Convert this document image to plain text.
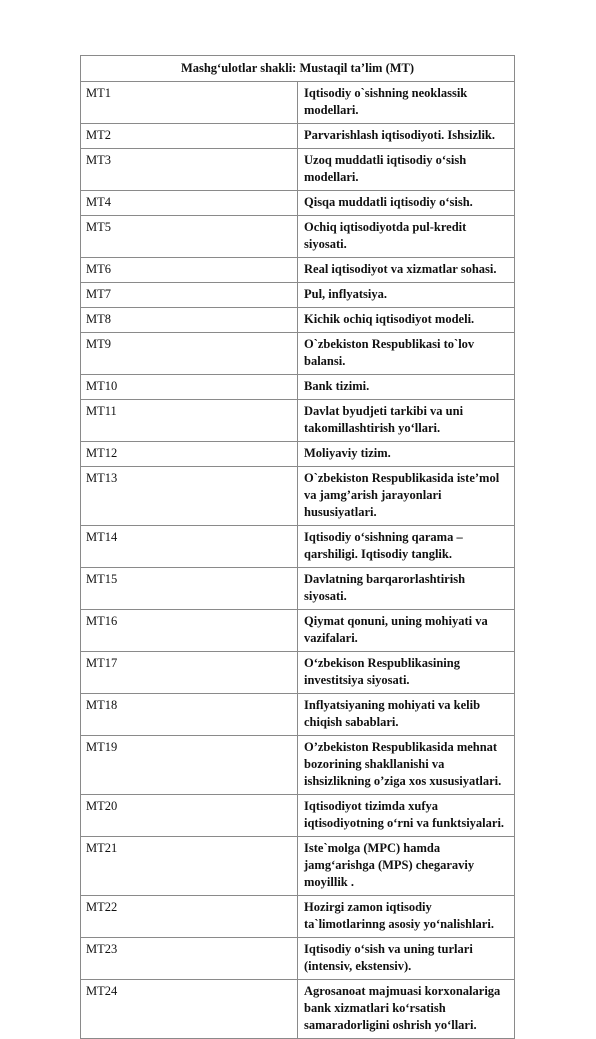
Mashg‘ulotlar shakli: Mustaqil ta’lim (MT)	
MT1	Iqtisodiy o`sishning neoklassik modellari.
MT2	Parvarishlash iqtisodiyoti. Ishsizlik.
MT3	Uzoq muddatli iqtisodiy o‘sish modellari.
MT4	Qisqa muddatli iqtisodiy o‘sish.
MT5	Ochiq iqtisodiyotda pul-kredit siyosati.
MT6	Real iqtisodiyot va xizmatlar sohasi.
MT7	Pul, inflyatsiya.
MT8	Kichik ochiq iqtisodiyot modeli.
MT9	O`zbekiston Respublikasi to`lov balansi.
MT10	Bank tizimi.
MT11	Davlat byudjeti tarkibi va uni takomillashtirish yo‘llari.
MT12	Moliyaviy tizim.
MT13	O`zbekiston Respublikasida iste’mol va jamg’arish jarayonlari hususiyatlari.
MT14	Iqtisodiy o‘sishning qarama – qarshiligi. Iqtisodiy tanglik.
MT15	Davlatning barqarorlashtirish siyosati.
MT16	Qiymat qonuni, uning mohiyati va vazifalari.
MT17	O‘zbekison Respublikasining investitsiya siyosati.
MT18	Inflyatsiyaning mohiyati va kelib chiqish sabablari.
MT19	O’zbekiston Respublikasida mehnat bozorining shakllanishi va ishsizlikning o’ziga xos xususiyatlari.
MT20	Iqtisodiyot tizimda xufya iqtisodiyotning o‘rni va funktsiyalari.
MT21	Iste`molga (MPC) hamda jamg‘arishga (MPS) chegaraviy moyillik .
MT22	Hozirgi zamon iqtisodiy ta`limotlarinng asosiy yo‘nalishlari.
MT23	Iqtisodiy o‘sish va uning turlari (intensiv, ekstensiv).
MT24	Agrosanoat majmuasi korxonalariga bank xizmatlari ko‘rsatish samaradorligini oshrish yo‘llari.
